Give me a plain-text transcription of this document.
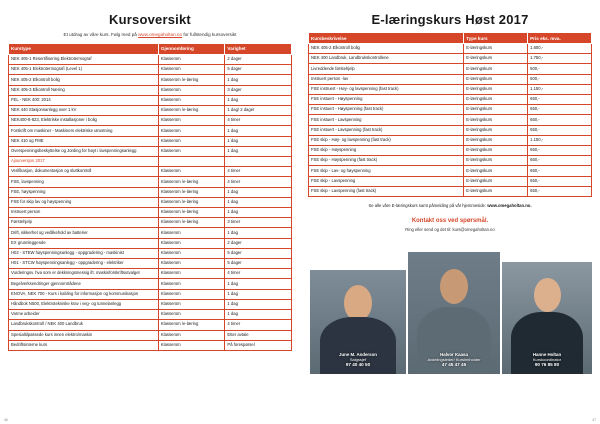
Kursoversikt
Et utdrag av våre kurs. Følg med på www.omegaholtan.no for fullstendig kursoversikt
Kurstype	Gjennomføring	Varighet
NEK 405-1 Resertifisering Elektrotermograf	Klasserom	2 dager
NEK 405-1 Elektrotermografi (Level 1)	Klasserom	5 dager
NEK 405-2 Elkontroll bolig	Klasserom /e-læring	1 dag
NEK 405-3 Elkontroll Næring	Klasserom	3 dager
FEL - NEK 400: 2014	Klasserom	1 dag
NEK 440 Stasjonsanlegg over 1 kV	Klasserom /e-læring	1 dag/ 2 dager
NEK400-8-823, Elektriske installasjoner i bolig	Klasserom	4 timer
Forskrift om maskiner - Maskiners elektriske utrustning	Klasserom	1 dag
NEK 410 og FME	Klasserom	1 dag
Overspenningsbeskyttelse og Jording for høyt i lavspenningsanlegg	Klasserom	1 dag
Ajourversjon 2017		
Verifikasjon, dokumentasjon og sluttkontroll	Klasserom	4 timer
FSE, lavspenning	Klasserom /e-læring	4 timer
FSE, høyspenning	Klasserom /e-læring	1 dag
FSE for skip lav og høyspenning	Klasserom /e-læring	1 dag
Instruert person	Klasserom /e-læring	1 dag
Førstehjelp	Klasserom /e-læring	3 timer
Drift, sikkerhet og vedlikehold av batterier	Klasserom	1 dag
EX grunnleggende	Klasserom	2 dager
H02 - STEW høyspenningsanlegg - oppgradering - maskinist	Klasserom	5 dager
H01 - STCW høyspenningsanlegg - oppgradering - elektriker	Klasserom	5 dager
Vurderingsv. hva som er dekkningsmessig ift. maskinforskriftsutvalget	Klasserom	4 timer
Begelverksendringer gjennomtrådene	Klasserom	1 dag
ENOVA, NEK 700 - Kurs i kabling for informasjon og kommunikasjon	Klasserom	1 dag
Håndbok N500, Elektrotekniske krav i veg- og tunnelanlegg	Klasserom	1 dag
Varme arbeider	Klasserom	1 dag
Landbrukskontroll / NEK 400 Landbruk	Klasserom /e-læring	4 timer
Spesialtilpassede kurs innen elektro/maskin	Klasserom	Etter avtale
Bedriftsinterne kurs	Klasserom	På forespørsel
46
E-læringskurs Høst 2017
Kursbeskrivelse	Type kurs	Pris eks. mva.
NEK 405-2 Elkontroll bolig	E-læringskurs	1.600,-
NEK 400 Landbruk, Landbrukskontrollene	E-læringskurs	1.750,-
Livreddende førstehjelp	E-læringskurs	500,-
Instruert person -lav	E-læringskurs	500,-
FSE instruert - Høy- og lavspenning (fast track)	E-læringskurs	1.150,-
FSE instuert - Høyspenning	E-læringskurs	650,-
FSE instuert - Høyspenning (fast track)	E-læringskurs	650,-
FSE instuert - Lavspenning	E-læringskurs	650,-
FSE instuert - Lavspenning (fast track)	E-læringskurs	650,-
FSE skip - Høy- og lavspenning (fast track)	E-læringskurs	1.150,-
FSE skip - Høyspenning	E-læringskurs	650,-
FSE skip - Høyspenning (fast track)	E-læringskurs	650,-
FSE skip - Lav- og høyspenning	E-læringskurs	650,-
FSE skip - Lavspenning	E-læringskurs	650,-
FSE skip - Lavspenning (fast track)	E-læringskurs	650,-
Se alle våre E-læringskurs samt påmelding på vår hjemmeside: www.omegaholtan.no.
Kontakt oss ved spørsmål.
Ring eller send og det til: kurs@omegaholtan.no
June M. Anderson
Salgssjef
97 40 40 50
Halvor Kaasa
Avdelingsleder/ Kursinnholder
47 45 47 45
Hanne Holtan
Kurskoordinator
90 76 85 80
47
